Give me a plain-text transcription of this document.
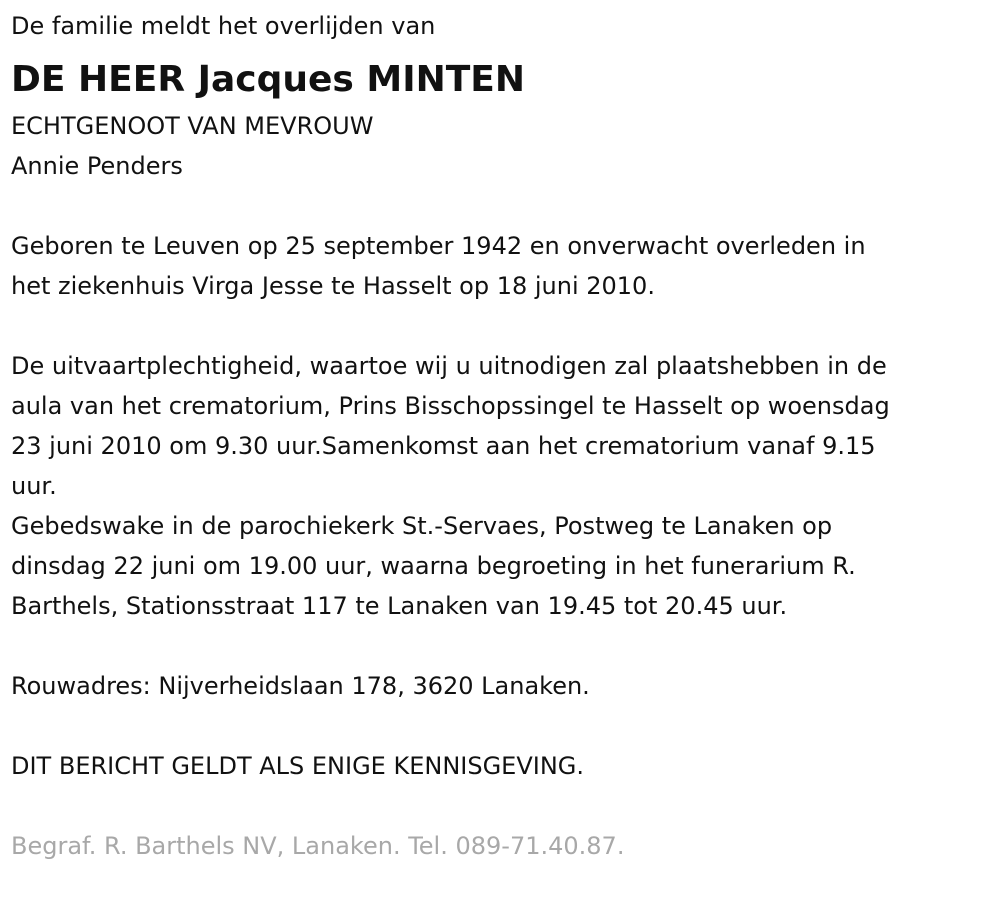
De familie meldt het overlijden van

DE HEER Jacques MINTEN

ECHTGENOOT VAN MEVROUW

Annie Penders

Geboren te Leuven op 25 september 1942 en onverwacht overleden in

het ziekenhuis Virga Jesse te Hasselt op 18 juni 2010.

De uitvaartplechtigheid, waartoe wij u uitnodigen zal plaatshebben in de

aula van het crematorium, Prins Bisschopssingel te Hasselt op woensdag

23 juni 2010 om 9.30 uur.Samenkomst aan het crematorium vanaf 9.15

uur.

Gebedswake in de parochiekerk St.-Servaes, Postweg te Lanaken op

dinsdag 22 juni om 19.00 uur, waarna begroeting in het funerarium R.

Barthels, Stationsstraat 117 te Lanaken van 19.45 tot 20.45 uur.

Rouwadres: Nijverheidslaan 178, 3620 Lanaken.

DIT BERICHT GELDT ALS ENIGE KENNISGEVING.

Begraf. R. Barthels NV, Lanaken. Tel. 089-71.40.87.
